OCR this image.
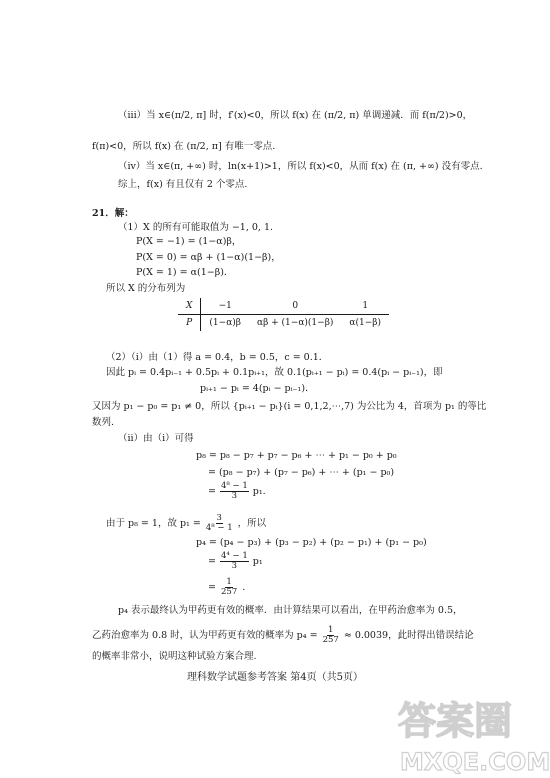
（iii）当 x∈(π/2, π] 时，f′(x)<0，所以 f(x) 在 (π/2, π) 单调递减．而 f(π/2)>0，
f(π)<0，所以 f(x) 在 (π/2, π] 有唯一零点.
（iv）当 x∈(π, +∞) 时，ln(x+1)>1，所以 f(x)<0，从而 f(x) 在 (π, +∞) 没有零点.
综上，f(x) 有且仅有 2 个零点.
21．解：
（1）X 的所有可能取值为 −1, 0, 1.
P(X = −1) = (1−α)β，
P(X = 0) = αβ + (1−α)(1−β)，
P(X = 1) = α(1−β)．
所以 X 的分布列为
X	−1	0	1
P	(1−α)β	αβ + (1−α)(1−β)	α(1−β)
（2）（i）由（1）得 a = 0.4，b = 0.5，c = 0.1．
因此 pᵢ = 0.4pᵢ₋₁ + 0.5pᵢ + 0.1pᵢ₊₁，故 0.1(pᵢ₊₁ − pᵢ) = 0.4(pᵢ − pᵢ₋₁)，即
pᵢ₊₁ − pᵢ = 4(pᵢ − pᵢ₋₁)．
又因为 p₁ − p₀ = p₁ ≠ 0，所以 {pᵢ₊₁ − pᵢ}(i = 0,1,2,⋯,7) 为公比为 4，首项为 p₁ 的等比
数列.
（ii）由（i）可得
p₈ = p₈ − p₇ + p₇ − p₆ + ⋯ + p₁ − p₀ + p₀
= (p₈ − p₇) + (p₇ − p₆) + ⋯ + (p₁ − p₀)
= $\frac{\text{4⁸ − 1}}{3} p_1$.
由于 p₈ = 1，故 $p_1 = \frac{3}{\text{4⁸ − 1}}$ ，所以
p₄ = (p₄ − p₃) + (p₃ − p₂) + (p₂ − p₁) + (p₁ − p₀)
= $\frac{\text{4⁴ − 1}}{3} p_1$
= $\frac{1}{257}$ .
p₄ 表示最终认为甲药更有效的概率．由计算结果可以看出，在甲药治愈率为 0.5，
乙药治愈率为 0.8 时，认为甲药更有效的概率为 $p_4 = \frac{1}{257} \approx 0.0039$，此时得出错误结论
的概率非常小，说明这种试验方案合理.
理科数学试题参考答案 第4页（共5页）
答案圈
MXQE.COM
